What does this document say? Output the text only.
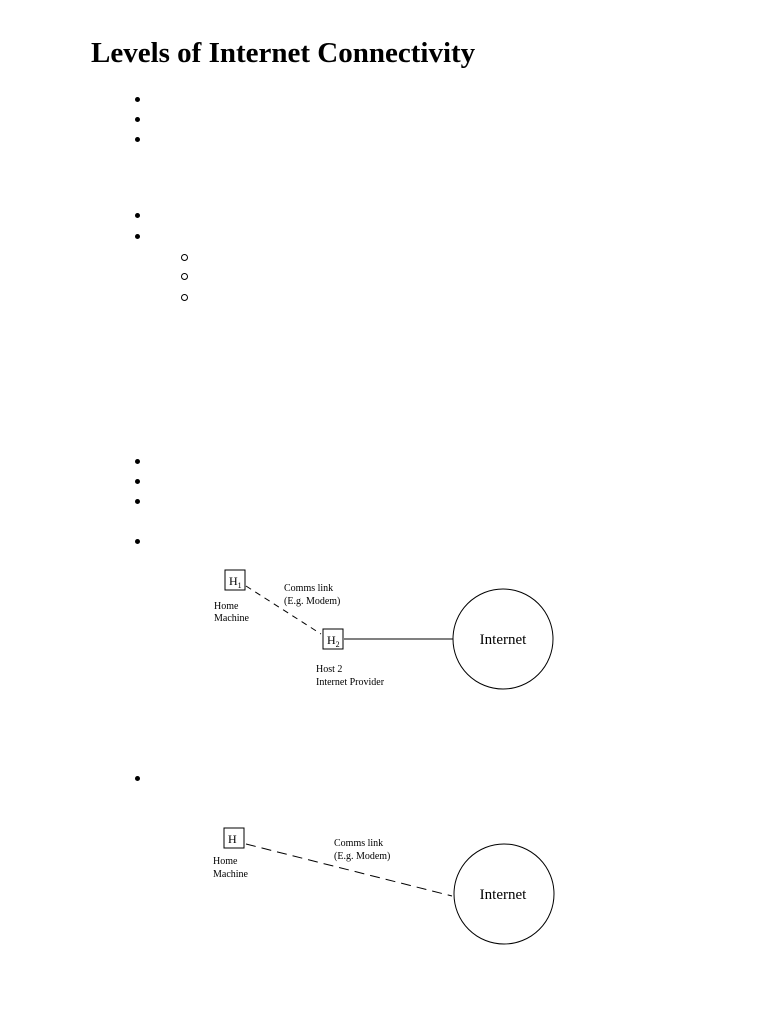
Levels of Internet Connectivity
$H_1$
Home Machine
Comms link (E.g. Modem)
$H_2$
Host 2 Internet Provider
Internet
H
Home Machine
Comms link (E.g. Modem)
Internet
